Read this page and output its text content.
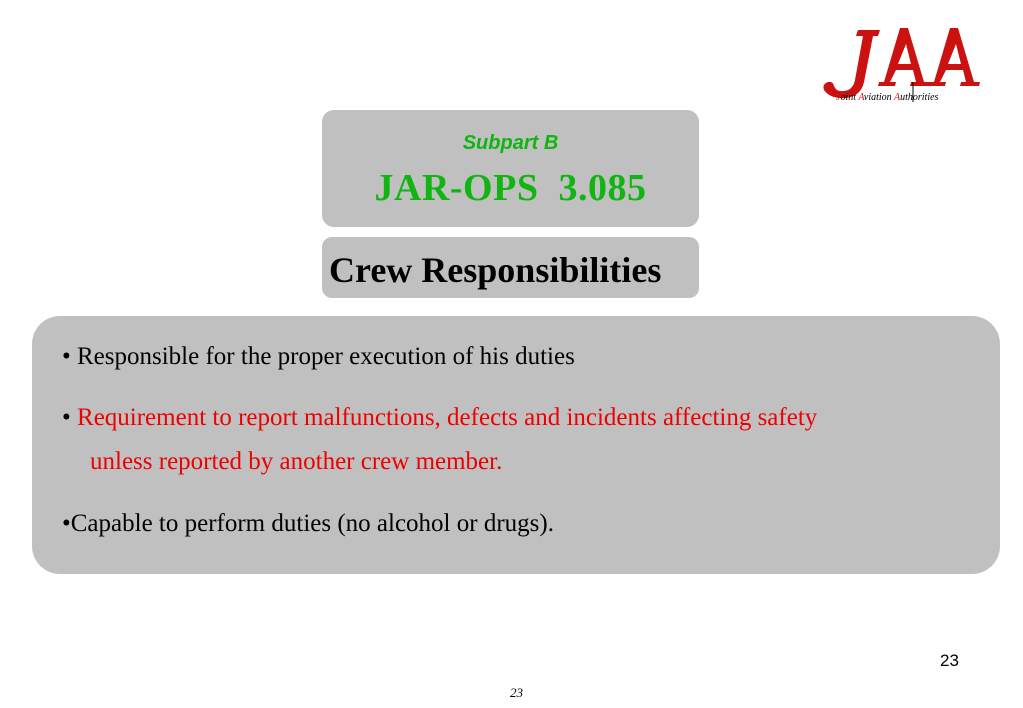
Joint Aviation Authorities
Subpart B
JAR-OPS  3.085
Crew Responsibilities
• Responsible for the proper execution of his duties
• Requirement to report malfunctions, defects and incidents affecting safety
unless reported by another crew member.
•Capable to perform duties (no alcohol or drugs).
23
23
